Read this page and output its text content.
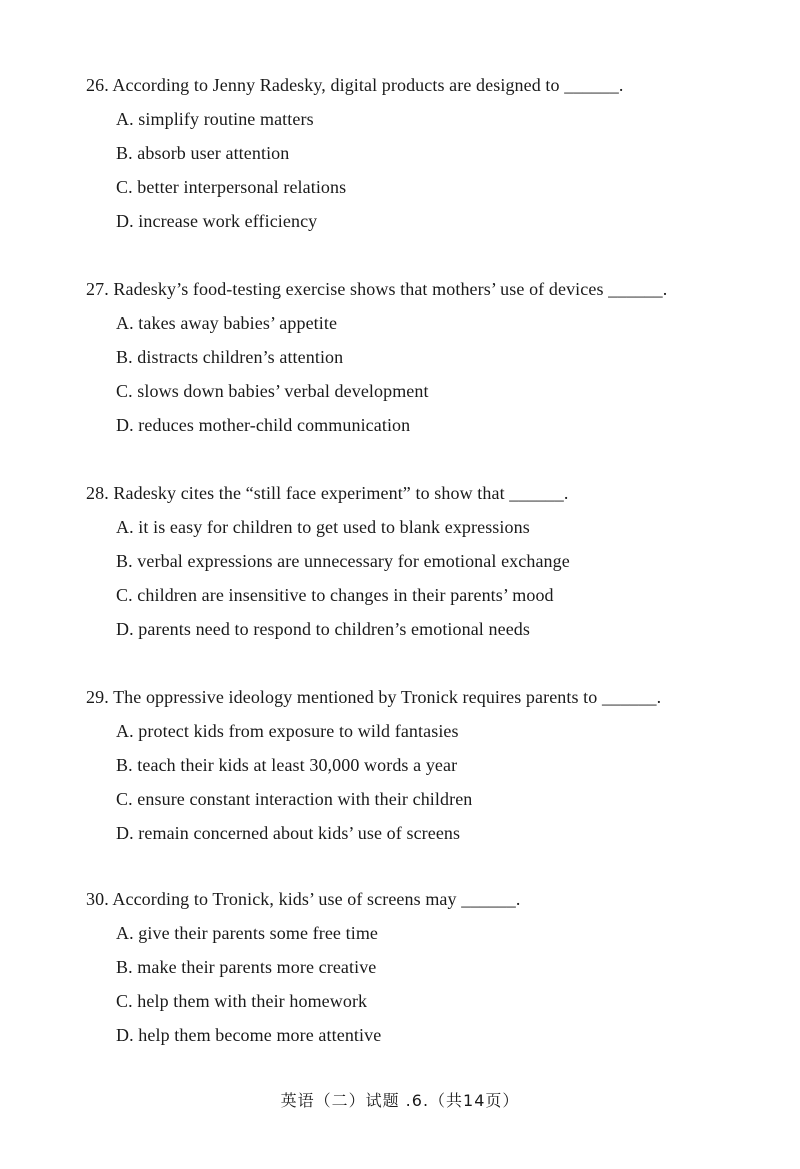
26. According to Jenny Radesky, digital products are designed to ______.
A. simplify routine matters
B. absorb user attention
C. better interpersonal relations
D. increase work efficiency
27. Radesky’s food-testing exercise shows that mothers’ use of devices ______.
A. takes away babies’ appetite
B. distracts children’s attention
C. slows down babies’ verbal development
D. reduces mother-child communication
28. Radesky cites the “still face experiment” to show that ______.
A. it is easy for children to get used to blank expressions
B. verbal expressions are unnecessary for emotional exchange
C. children are insensitive to changes in their parents’ mood
D. parents need to respond to children’s emotional needs
29. The oppressive ideology mentioned by Tronick requires parents to ______.
A. protect kids from exposure to wild fantasies
B. teach their kids at least 30,000 words a year
C. ensure constant interaction with their children
D. remain concerned about kids’ use of screens
30. According to Tronick, kids’ use of screens may ______.
A. give their parents some free time
B. make their parents more creative
C. help them with their homework
D. help them become more attentive
英语（二）试题 .6.（共14页）
